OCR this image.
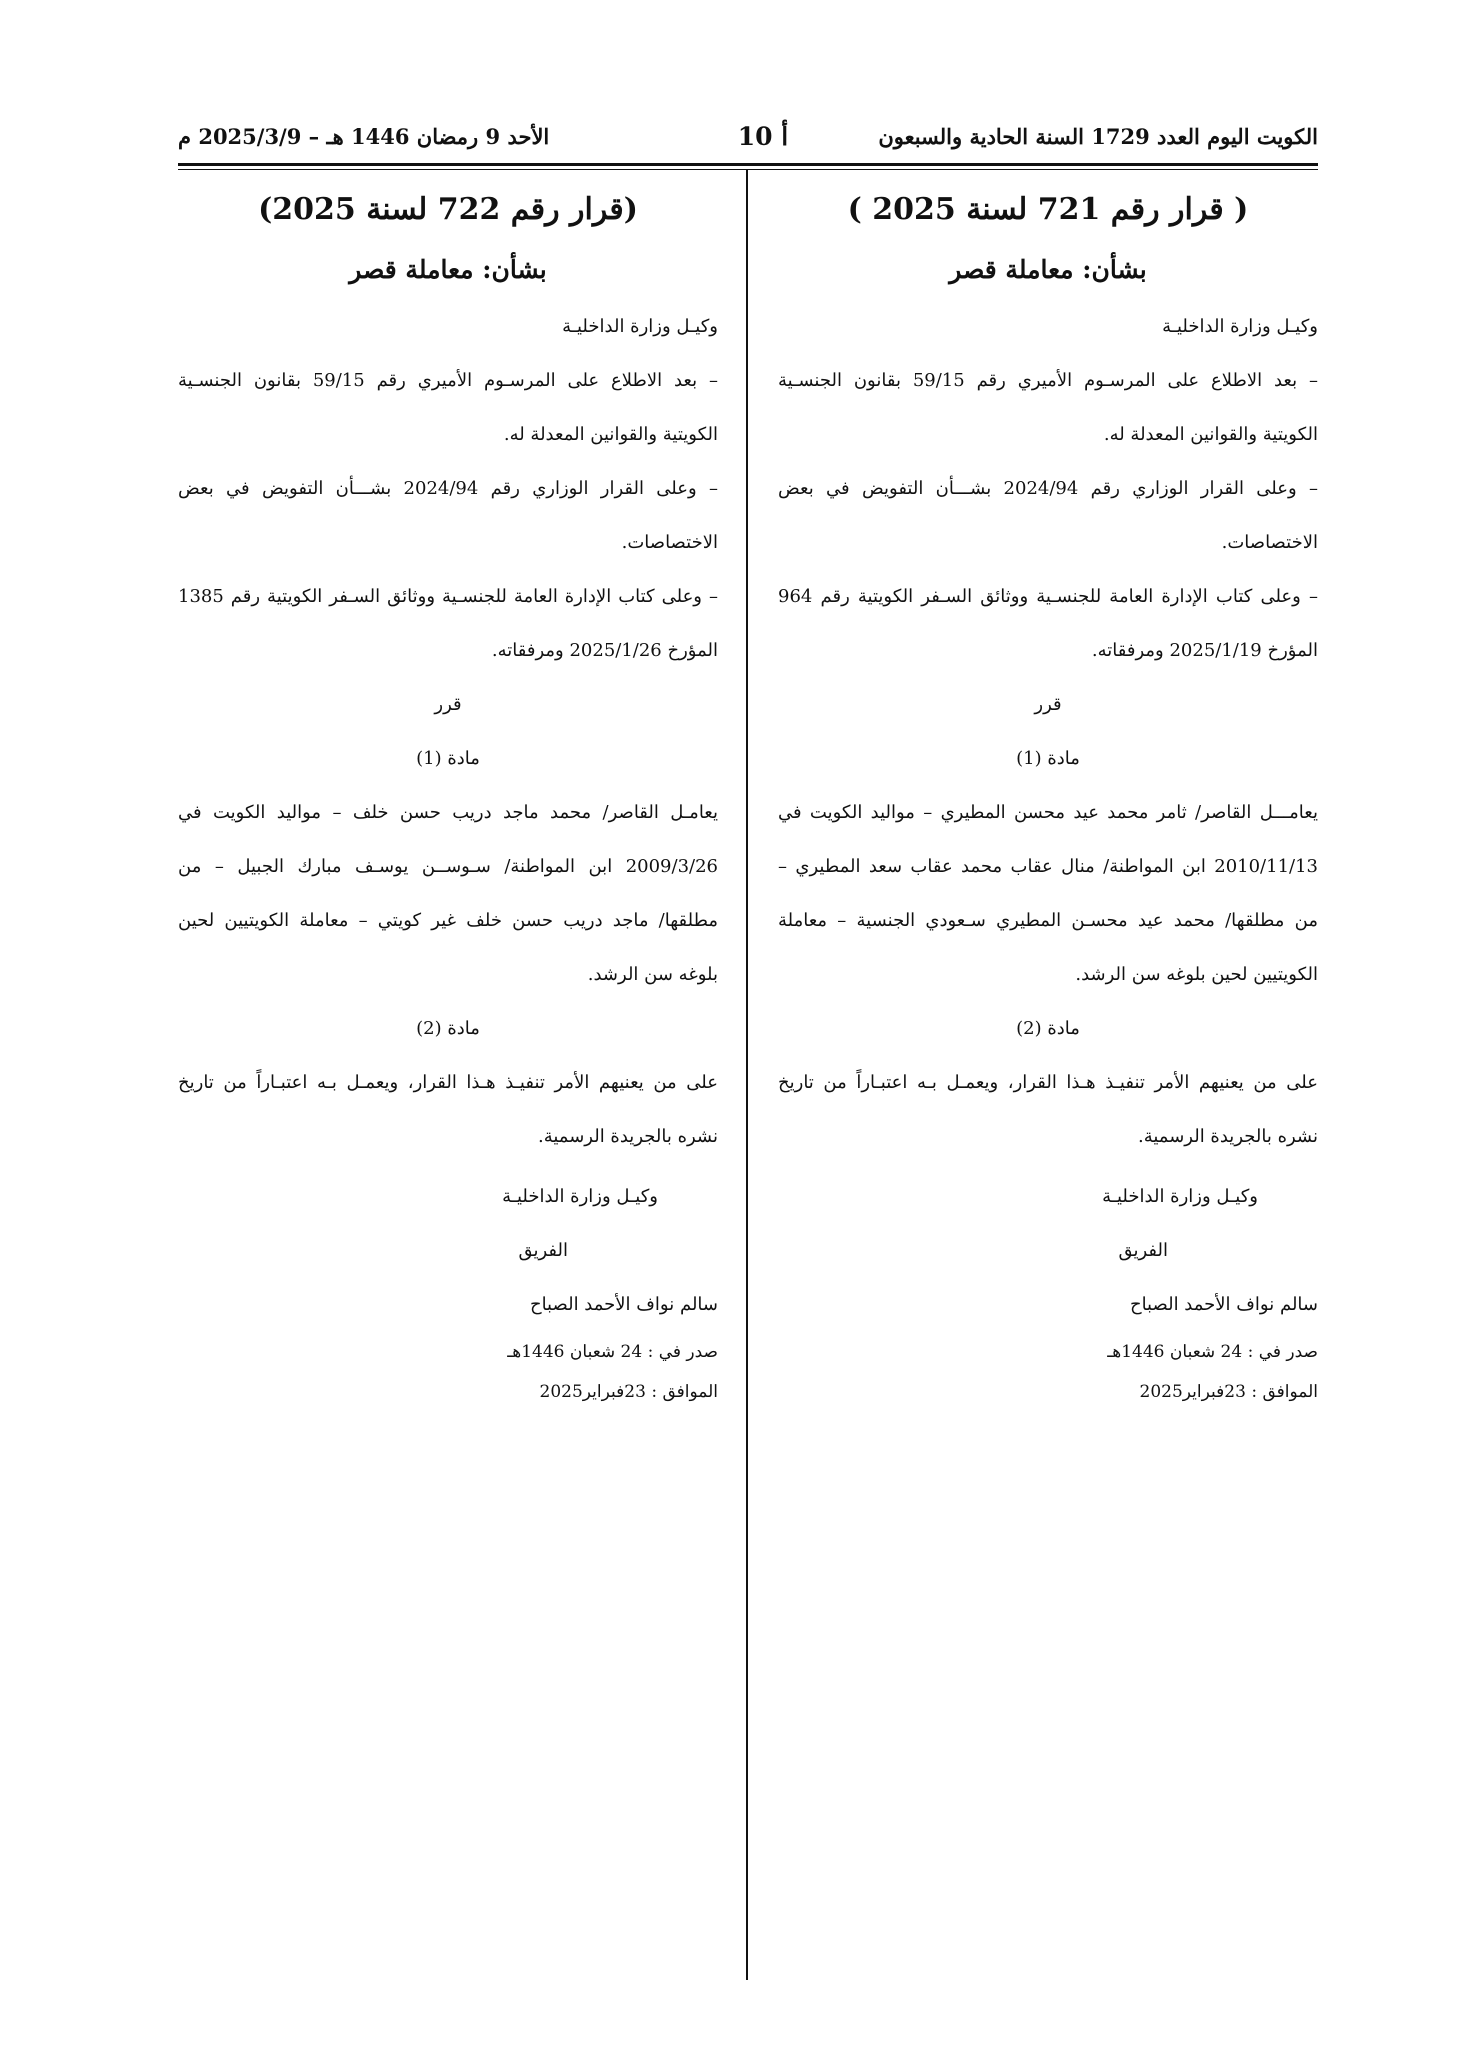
الكويت اليوم العدد 1729 السنة الحادية والسبعون
أ 10
الأحد 9 رمضان 1446 هـ – 2025/3/9 م
( قرار رقم 721 لسنة 2025 )
بشأن: معاملة قصر

وكيـل وزارة الداخليـة

– بعد الاطلاع على المرسـوم الأميري رقم 59/15 بقانون الجنسـية الكويتية والقوانين المعدلة له.

– وعلى القرار الوزاري رقم 2024/94 بشـــأن التفويض في بعض الاختصاصات.

– وعلى كتاب الإدارة العامة للجنسـية ووثائق السـفر الكويتية رقم 964 المؤرخ 2025/1/19 ومرفقاته.

قرر

مادة (1)

يعامـــل القاصر/ ثامر محمد عيد محسن المطيري – مواليد الكويت في 2010/11/13 ابن المواطنة/ منال عقاب محمد عقاب سعد المطيري – من مطلقها/ محمد عيد محسـن المطيري سـعودي الجنسية – معاملة الكويتيين لحين بلوغه سن الرشد.

مادة (2)

على من يعنيهم الأمر تنفيـذ هـذا القرار، ويعمـل بـه اعتبـاراً من تاريخ نشره بالجريدة الرسمية.

وكيـل وزارة الداخليـة

الفريق

سالم نواف الأحمد الصباح

صدر في : 24 شعبان 1446هـ

الموافق : 23فبراير2025

(قرار رقم 722 لسنة 2025)
بشأن: معاملة قصر

وكيـل وزارة الداخليـة

– بعد الاطلاع على المرسـوم الأميري رقم 59/15 بقانون الجنسـية الكويتية والقوانين المعدلة له.

– وعلى القرار الوزاري رقم 2024/94 بشـــأن التفويض في بعض الاختصاصات.

– وعلى كتاب الإدارة العامة للجنسـية ووثائق السـفر الكويتية رقم 1385 المؤرخ 2025/1/26 ومرفقاته.

قرر

مادة (1)

يعامـل القاصر/ محمد ماجد دريب حسن خلف – مواليد الكويت في 2009/3/26 ابن المواطنة/ سـوســن يوسـف مبارك الجبيل – من مطلقها/ ماجد دريب حسن خلف غير كويتي – معاملة الكويتيين لحين بلوغه سن الرشد.

مادة (2)

على من يعنيهم الأمر تنفيـذ هـذا القرار، ويعمـل بـه اعتبـاراً من تاريخ نشره بالجريدة الرسمية.

وكيـل وزارة الداخليـة

الفريق

سالم نواف الأحمد الصباح

صدر في : 24 شعبان 1446هـ

الموافق : 23فبراير2025
